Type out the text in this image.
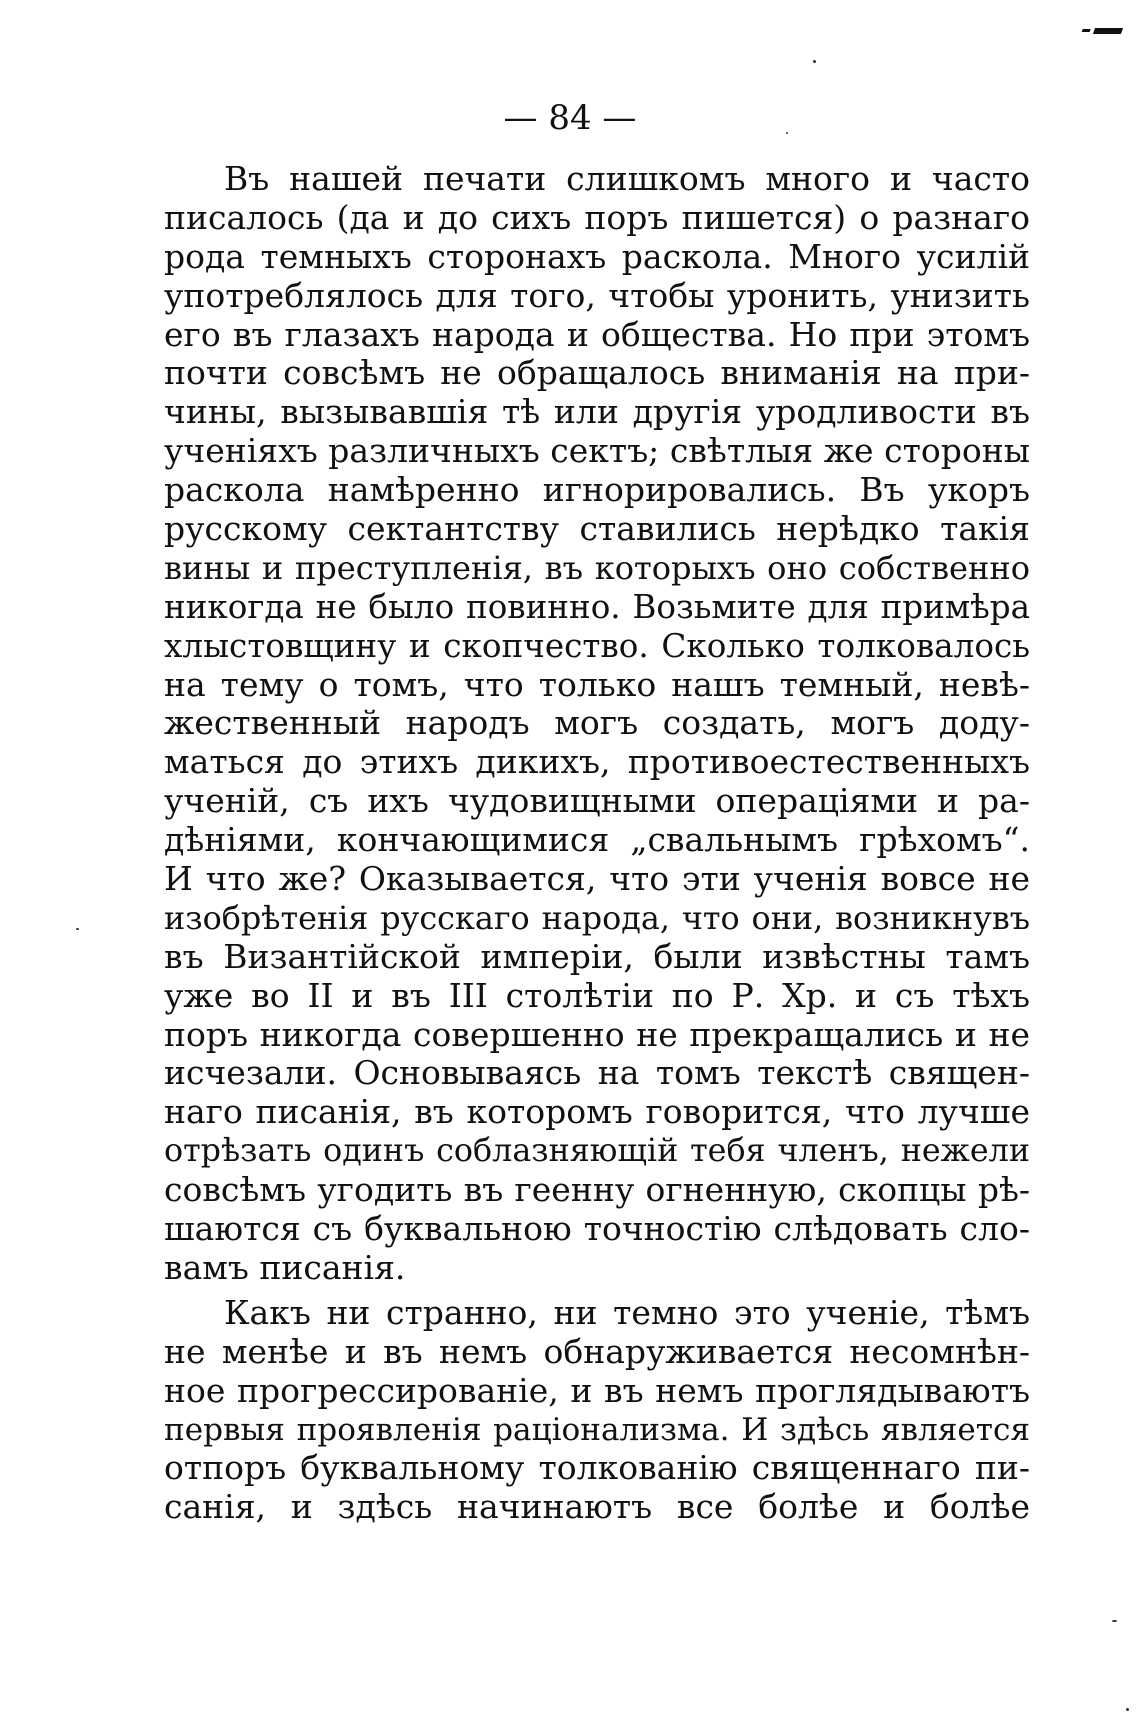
— 84 —
Въ нашей печати слишкомъ много и часто
писалось (да и до сихъ поръ пишется) о разнаго
рода темныхъ сторонахъ раскола. Много усилій
употреблялось для того, чтобы уронить, унизить
его въ глазахъ народа и общества. Но при этомъ
почти совсѣмъ не обращалось вниманія на при-
чины, вызывавшія тѣ или другія уродливости въ
ученіяхъ различныхъ сектъ; свѣтлыя же стороны
раскола намѣренно игнорировались. Въ укоръ
русскому сектантству ставились нерѣдко такія
вины и преступленія, въ которыхъ оно собственно
никогда не было повинно. Возьмите для примѣра
хлыстовщину и скопчество. Сколько толковалось
на тему о томъ, что только нашъ темный, невѣ-
жественный народъ могъ создать, могъ доду-
маться до этихъ дикихъ, противоестественныхъ
ученій, съ ихъ чудовищными операціями и ра-
дѣніями, кончающимися „свальнымъ грѣхомъ“.
И что же? Оказывается, что эти ученія вовсе не
изобрѣтенія русскаго народа, что они, возникнувъ
въ Византійской имперіи, были извѣстны тамъ
уже во II и въ III столѣтіи по Р. Хр. и съ тѣхъ
поръ никогда совершенно не прекращались и не
исчезали. Основываясь на томъ текстѣ священ-
наго писанія, въ которомъ говорится, что лучше
отрѣзать одинъ соблазняющій тебя членъ, нежели
совсѣмъ угодить въ геенну огненную, скопцы рѣ-
шаются съ буквальною точностію слѣдовать сло-
вамъ писанія.
Какъ ни странно, ни темно это ученіе, тѣмъ
не менѣе и въ немъ обнаруживается несомнѣн-
ное прогрессированіе, и въ немъ проглядываютъ
первыя проявленія раціонализма. И здѣсь является
отпоръ буквальному толкованію священнаго пи-
санія, и здѣсь начинаютъ все болѣе и болѣе
